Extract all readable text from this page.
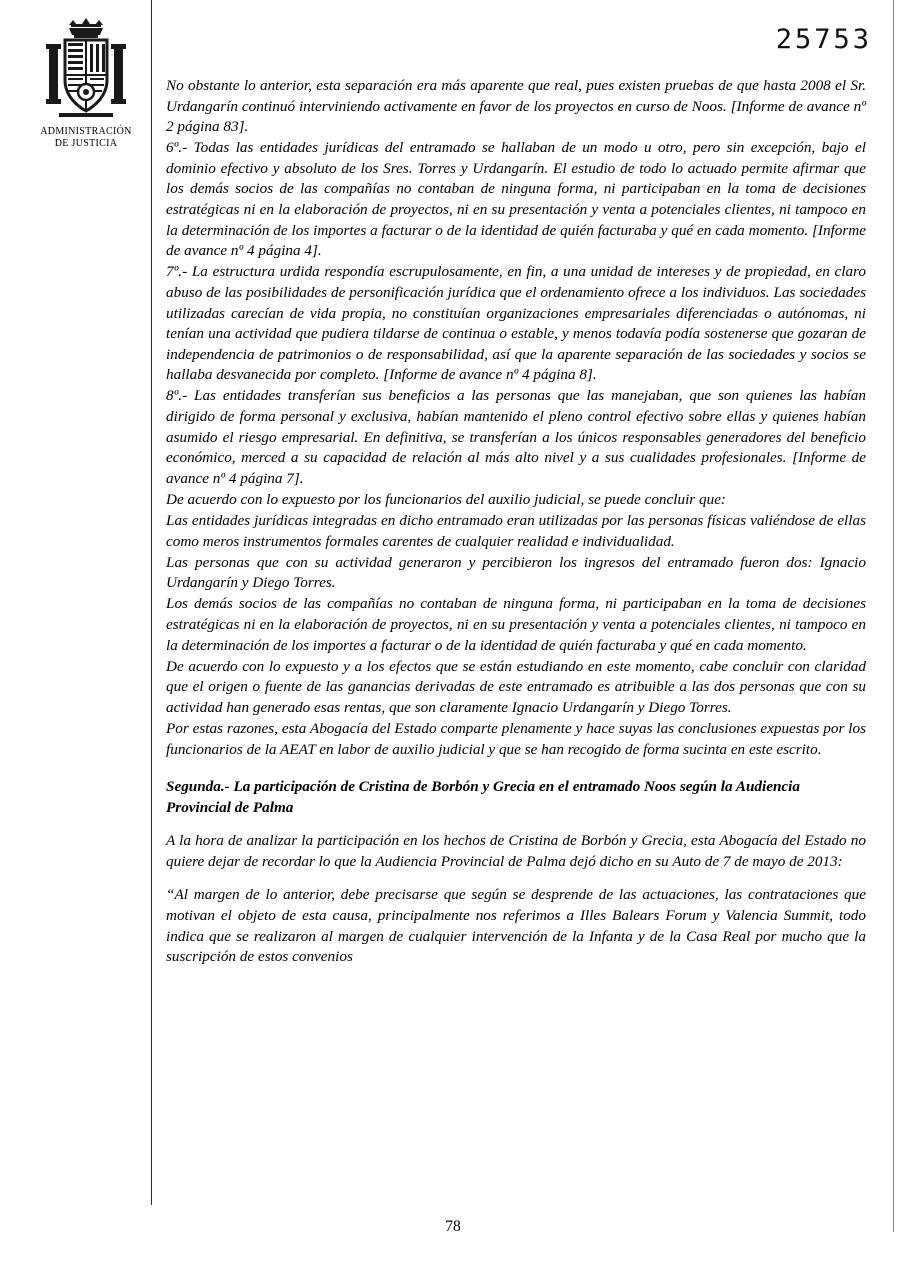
25753
ADMINISTRACIÓN
DE JUSTICIA

No obstante lo anterior, esta separación era más aparente que real, pues existen pruebas de que hasta 2008 el Sr. Urdangarín continuó interviniendo activamente en favor de los proyectos en curso de Noos. [Informe de avance nº 2 página 83].

6º.- Todas las entidades jurídicas del entramado se hallaban de un modo u otro, pero sin excepción, bajo el dominio efectivo y absoluto de los Sres. Torres y Urdangarín. El estudio de todo lo actuado permite afirmar que los demás socios de las compañías no contaban de ninguna forma, ni participaban en la toma de decisiones estratégicas ni en la elaboración de proyectos, ni en su presentación y venta a potenciales clientes, ni tampoco en la determinación de los importes a facturar o de la identidad de quién facturaba y qué en cada momento. [Informe de avance nº 4 página 4].

7º.- La estructura urdida respondía escrupulosamente, en fin, a una unidad de intereses y de propiedad, en claro abuso de las posibilidades de personificación jurídica que el ordenamiento ofrece a los individuos. Las sociedades utilizadas carecían de vida propia, no constituían organizaciones empresariales diferenciadas o autónomas, ni tenían una actividad que pudiera tildarse de continua o estable, y menos todavía podía sostenerse que gozaran de independencia de patrimonios o de responsabilidad, así que la aparente separación de las sociedades y socios se hallaba desvanecida por completo. [Informe de avance nº 4 página 8].

8º.- Las entidades transferían sus beneficios a las personas que las manejaban, que son quienes las habían dirigido de forma personal y exclusiva, habían mantenido el pleno control efectivo sobre ellas y quienes habían asumido el riesgo empresarial. En definitiva, se transferían a los únicos responsables generadores del beneficio económico, merced a su capacidad de relación al más alto nivel y a sus cualidades profesionales. [Informe de avance nº 4 página 7].

De acuerdo con lo expuesto por los funcionarios del auxilio judicial, se puede concluir que:

Las entidades jurídicas integradas en dicho entramado eran utilizadas por las personas físicas valiéndose de ellas como meros instrumentos formales carentes de cualquier realidad e individualidad.

Las personas que con su actividad generaron y percibieron los ingresos del entramado fueron dos: Ignacio Urdangarín y Diego Torres.

Los demás socios de las compañías no contaban de ninguna forma, ni participaban en la toma de decisiones estratégicas ni en la elaboración de proyectos, ni en su presentación y venta a potenciales clientes, ni tampoco en la determinación de los importes a facturar o de la identidad de quién facturaba y qué en cada momento.

De acuerdo con lo expuesto y a los efectos que se están estudiando en este momento, cabe concluir con claridad que el origen o fuente de las ganancias derivadas de este entramado es atribuible a las dos personas que con su actividad han generado esas rentas, que son claramente Ignacio Urdangarín y Diego Torres.

Por estas razones, esta Abogacía del Estado comparte plenamente y hace suyas las conclusiones expuestas por los funcionarios de la AEAT en labor de auxilio judicial y que se han recogido de forma sucinta en este escrito.

Segunda.- La participación de Cristina de Borbón y Grecia en el entramado Noos según la Audiencia Provincial de Palma

A la hora de analizar la participación en los hechos de Cristina de Borbón y Grecia, esta Abogacía del Estado no quiere dejar de recordar lo que la Audiencia Provincial de Palma dejó dicho en su Auto de 7 de mayo de 2013:

“Al margen de lo anterior, debe precisarse que según se desprende de las actuaciones, las contrataciones que motivan el objeto de esta causa, principalmente nos referimos a Illes Balears Forum y Valencia Summit, todo indica que se realizaron al margen de cualquier intervención de la Infanta y de la Casa Real por mucho que la suscripción de estos convenios

78
